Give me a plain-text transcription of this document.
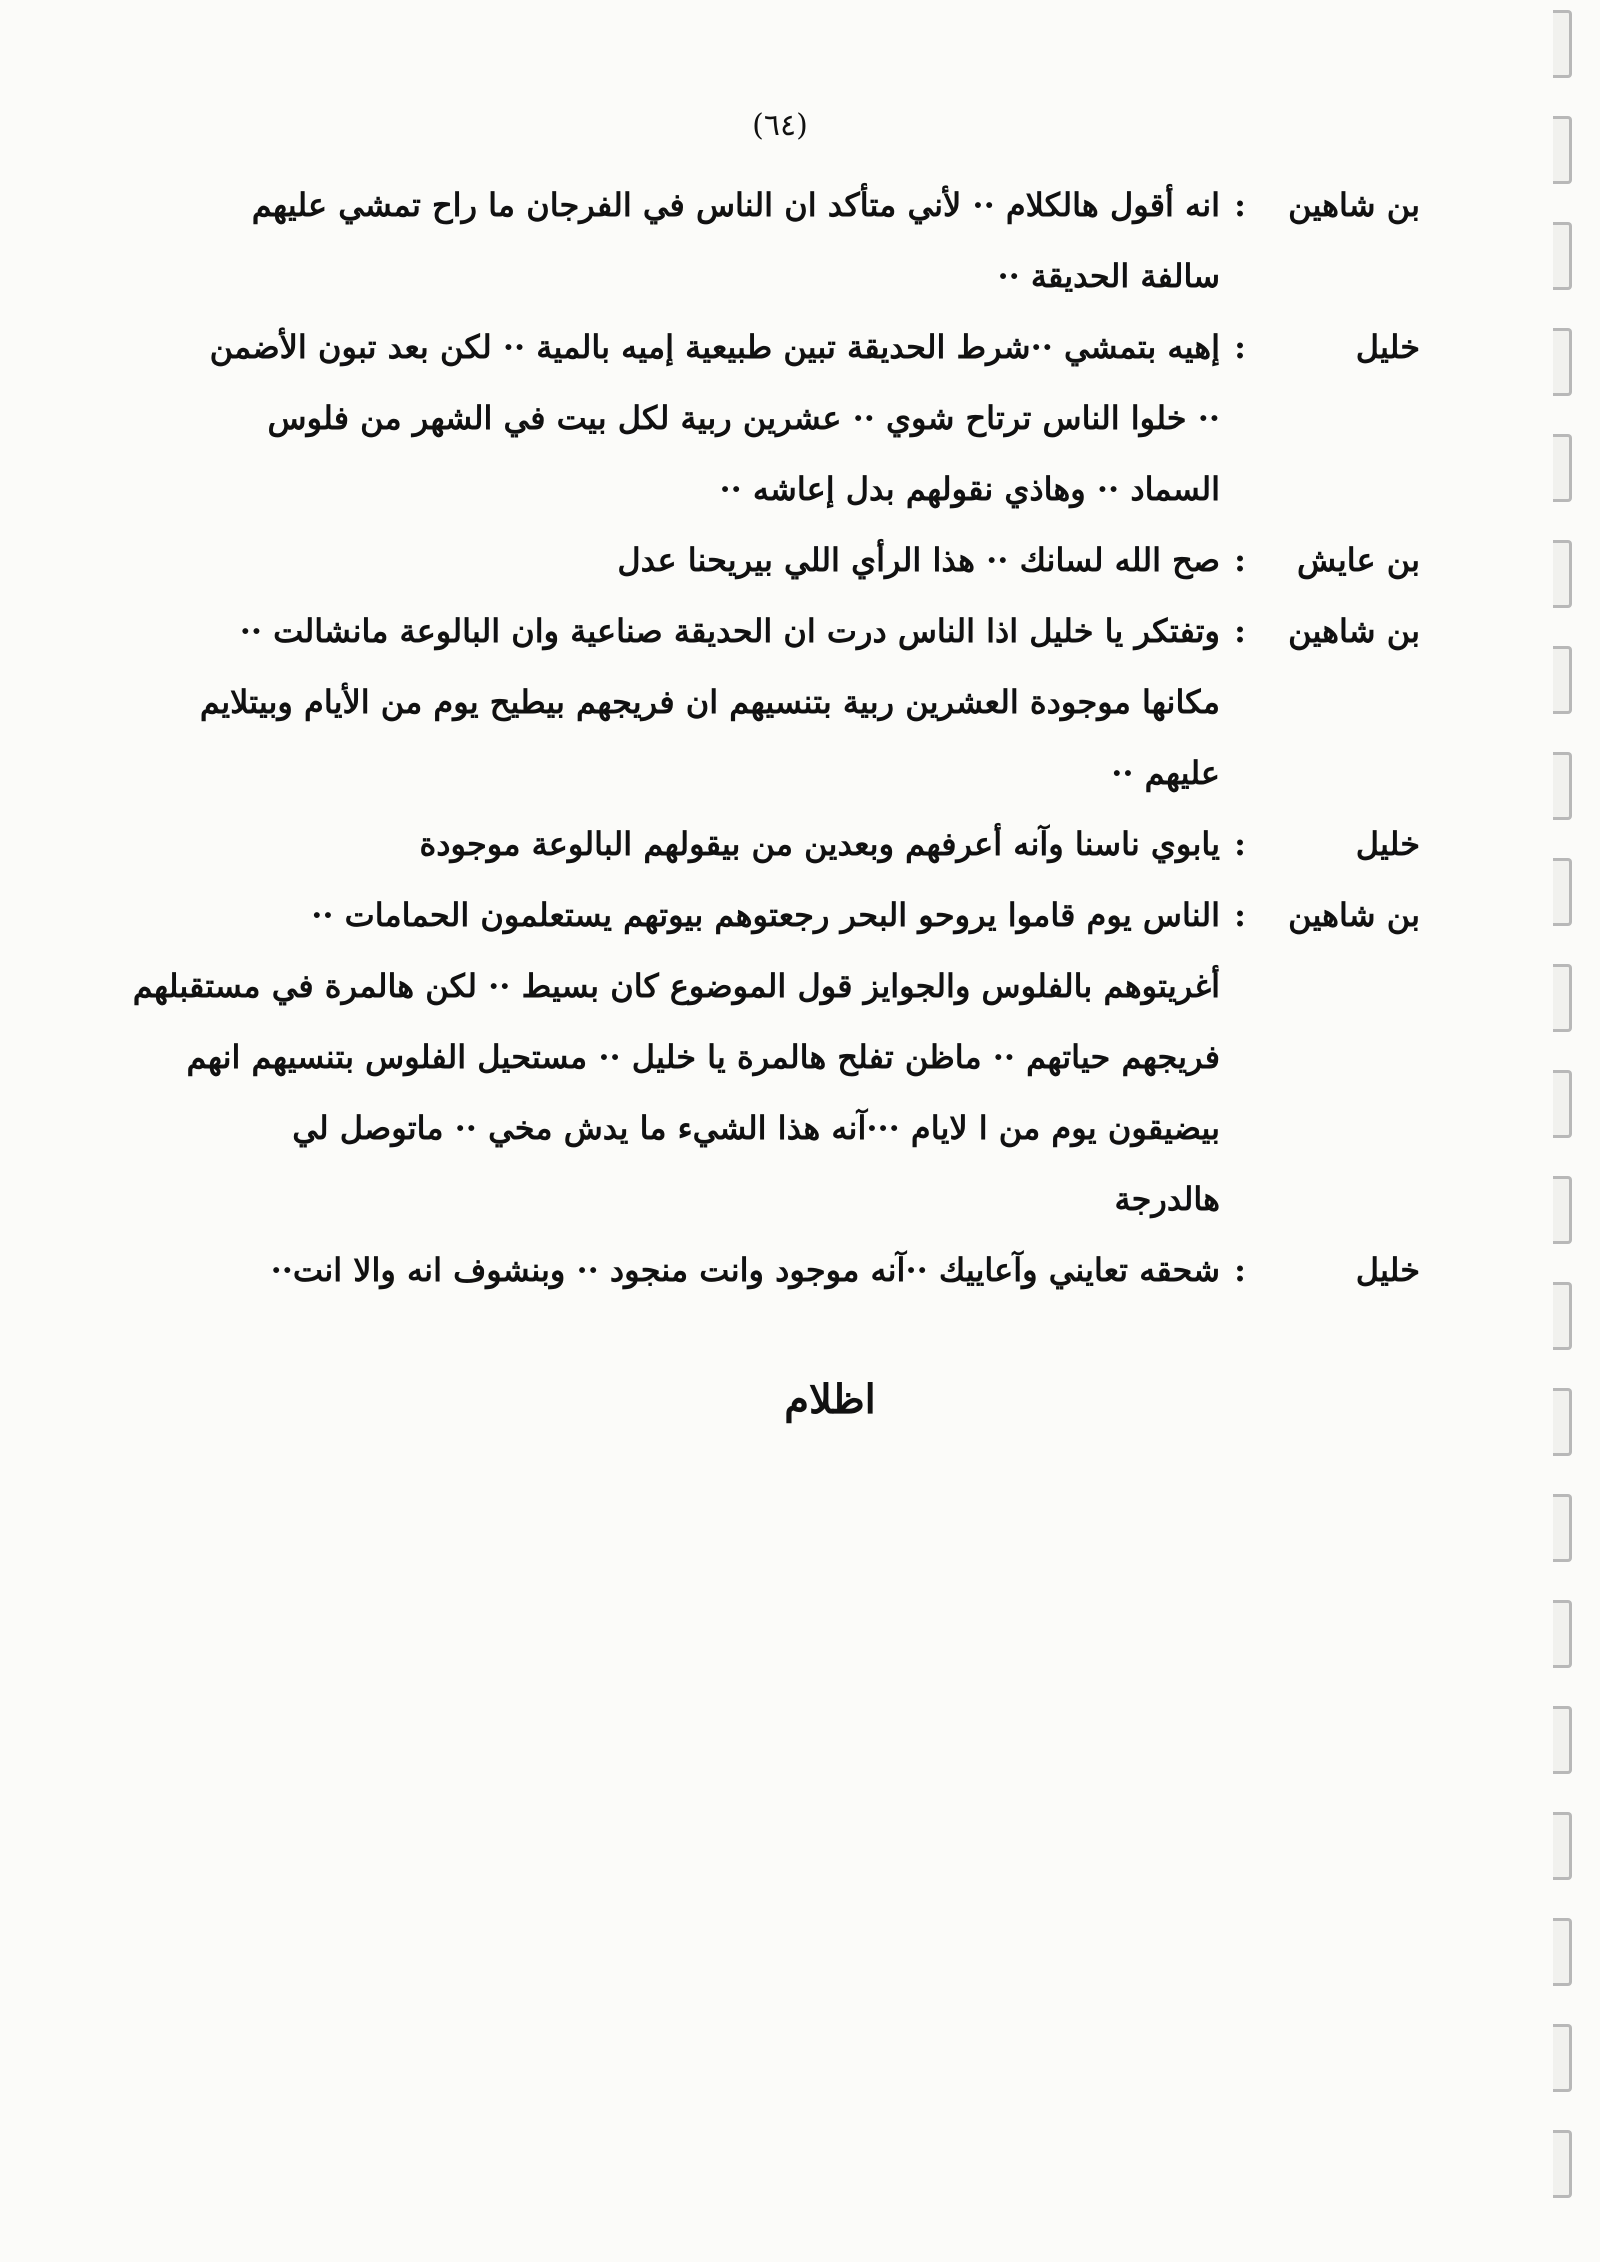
(٦٤)
بن شاهين
:
انه أقول هالكلام ·· لأني متأكد ان الناس في الفرجان ما راح تمشي عليهم
سالفة الحديقة ··
خليل
:
إهيه بتمشي ··شرط الحديقة تبين طبيعية إميه بالمية ·· لكن بعد تبون الأضمن
·· خلوا الناس ترتاح شوي ·· عشرين ربية لكل بيت في الشهر من فلوس
السماد ·· وهاذي نقولهم بدل إعاشه ··
بن عايش
:
صح الله لسانك ·· هذا الرأي اللي بيريحنا عدل
بن شاهين
:
وتفتكر يا خليل اذا الناس درت ان الحديقة صناعية وان البالوعة مانشالت ··
مكانها موجودة العشرين ربية بتنسيهم ان فريجهم بيطيح يوم من الأيام وبيتلايم
عليهم ··
خليل
:
يابوي ناسنا وآنه أعرفهم وبعدين من بيقولهم البالوعة موجودة
بن شاهين
:
الناس يوم قاموا يروحو البحر رجعتوهم بيوتهم يستعلمون الحمامات ··
أغريتوهم بالفلوس والجوايز قول الموضوع كان بسيط ·· لكن هالمرة في مستقبلهم
فريجهم حياتهم ·· ماظن تفلح هالمرة يا خليل ·· مستحيل الفلوس بتنسيهم انهم
بيضيقون يوم من ا لايام ···آنه هذا الشيء ما يدش مخي ·· ماتوصل لي
هالدرجة
خليل
:
شحقه تعايني وآعاييك ··آنه موجود وانت منجود ·· وبنشوف انه والا انت··
اظلام
